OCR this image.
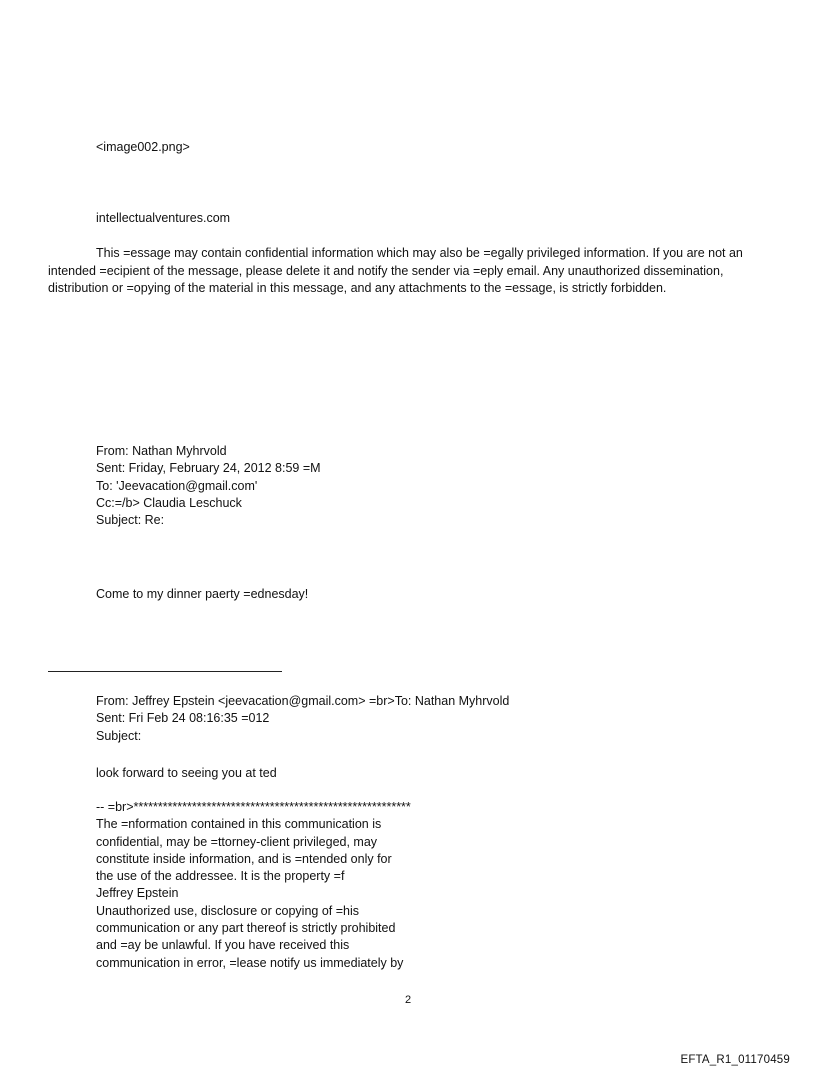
<image002.png>
intellectualventures.com
This =essage may contain confidential information which may also be =egally privileged information. If you are not an intended =ecipient of the message, please delete it and notify the sender via =eply email. Any unauthorized dissemination, distribution or =opying of the material in this message, and any attachments to the =essage, is strictly forbidden.
From: Nathan Myhrvold
Sent: Friday, February 24, 2012 8:59 =M
To: 'Jeevacation@gmail.com'
Cc:=/b> Claudia Leschuck
Subject: Re:
Come to my dinner paerty =ednesday!
From: Jeffrey Epstein <jeevacation@gmail.com> =br>To: Nathan Myhrvold
Sent: Fri Feb 24 08:16:35 =012
Subject:
look forward to seeing you at ted
-- =br>*********************************************************
The =nformation contained in this communication is
confidential, may be =ttorney-client privileged, may
constitute inside information, and is =ntended only for
the use of the addressee. It is the property =f
Jeffrey Epstein
Unauthorized use, disclosure or copying of =his
communication or any part thereof is strictly prohibited
and =ay be unlawful. If you have received this
communication in error, =lease notify us immediately by
2
EFTA_R1_01170459
